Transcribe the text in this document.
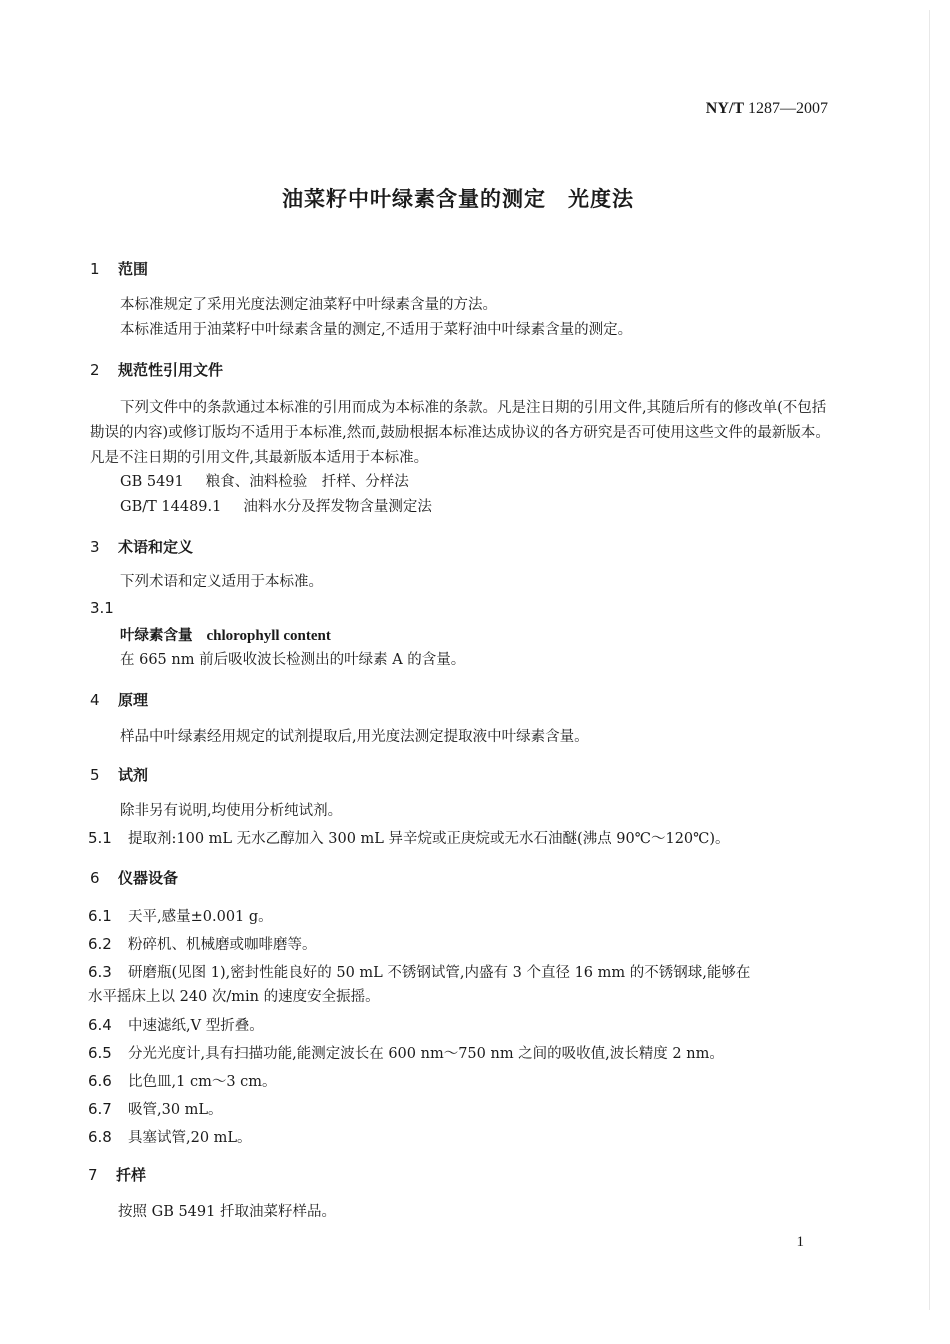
NY/T 1287—2007
油菜籽中叶绿素含量的测定　光度法
1 范围
本标准规定了采用光度法测定油菜籽中叶绿素含量的方法。
本标准适用于油菜籽中叶绿素含量的测定,不适用于菜籽油中叶绿素含量的测定。
2 规范性引用文件
下列文件中的条款通过本标准的引用而成为本标准的条款。凡是注日期的引用文件,其随后所有的修改单(不包括勘误的内容)或修订版均不适用于本标准,然而,鼓励根据本标准达成协议的各方研究是否可使用这些文件的最新版本。凡是不注日期的引用文件,其最新版本适用于本标准。
GB 5491 粮食、油料检验　扦样、分样法
GB/T 14489.1 油料水分及挥发物含量测定法
3 术语和定义
下列术语和定义适用于本标准。
3.1
叶绿素含量 chlorophyll content
在 665 nm 前后吸收波长检测出的叶绿素 A 的含量。
4 原理
样品中叶绿素经用规定的试剂提取后,用光度法测定提取液中叶绿素含量。
5 试剂
除非另有说明,均使用分析纯试剂。
5.1 提取剂:100 mL 无水乙醇加入 300 mL 异辛烷或正庚烷或无水石油醚(沸点 90℃～120℃)。
6 仪器设备
6.1 天平,感量±0.001 g。
6.2 粉碎机、机械磨或咖啡磨等。
6.3 研磨瓶(见图 1),密封性能良好的 50 mL 不锈钢试管,内盛有 3 个直径 16 mm 的不锈钢球,能够在
水平摇床上以 240 次/min 的速度安全振摇。
6.4 中速滤纸,V 型折叠。
6.5 分光光度计,具有扫描功能,能测定波长在 600 nm～750 nm 之间的吸收值,波长精度 2 nm。
6.6 比色皿,1 cm～3 cm。
6.7 吸管,30 mL。
6.8 具塞试管,20 mL。
7 扦样
按照 GB 5491 扦取油菜籽样品。
1
